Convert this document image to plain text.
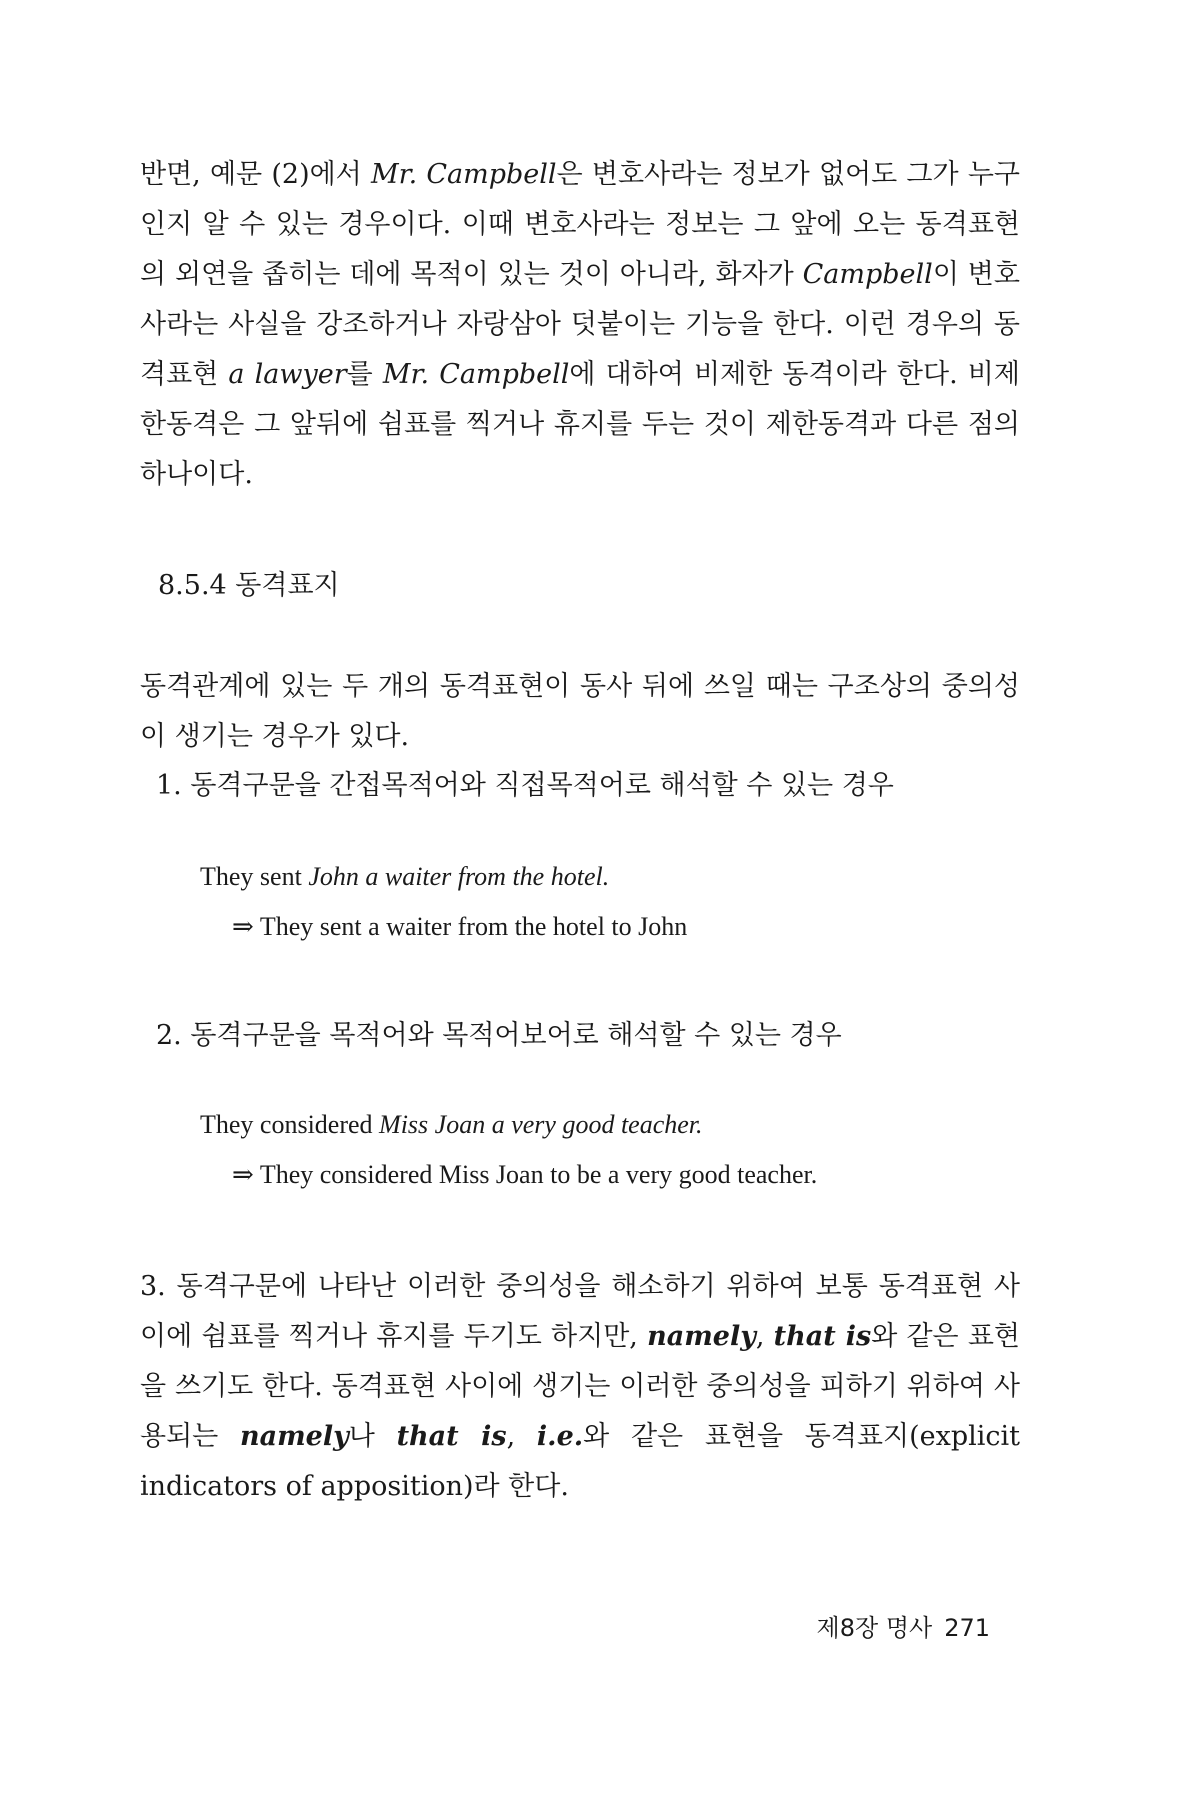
반면, 예문 (2)에서 Mr. Campbell은 변호사라는 정보가 없어도 그가 누구인지 알 수 있는 경우이다. 이때 변호사라는 정보는 그 앞에 오는 동격표현의 외연을 좁히는 데에 목적이 있는 것이 아니라, 화자가 Campbell이 변호사라는 사실을 강조하거나 자랑삼아 덧붙이는 기능을 한다. 이런 경우의 동격표현 a lawyer를 Mr. Campbell에 대하여 비제한 동격이라 한다. 비제한동격은 그 앞뒤에 쉼표를 찍거나 휴지를 두는 것이 제한동격과 다른 점의 하나이다.

8.5.4 동격표지

동격관계에 있는 두 개의 동격표현이 동사 뒤에 쓰일 때는 구조상의 중의성이 생기는 경우가 있다.

1. 동격구문을 간접목적어와 직접목적어로 해석할 수 있는 경우

They sent John a waiter from the hotel.

⇒ They sent a waiter from the hotel to John

2. 동격구문을 목적어와 목적어보어로 해석할 수 있는 경우

They considered Miss Joan a very good teacher.

⇒ They considered Miss Joan to be a very good teacher.

3. 동격구문에 나타난 이러한 중의성을 해소하기 위하여 보통 동격표현 사이에 쉼표를 찍거나 휴지를 두기도 하지만, namely, that is와 같은 표현을 쓰기도 한다. 동격표현 사이에 생기는 이러한 중의성을 피하기 위하여 사용되는 namely나 that is, i.e.와 같은 표현을 동격표지(explicit indicators of apposition)라 한다.

제8장 명사 271
